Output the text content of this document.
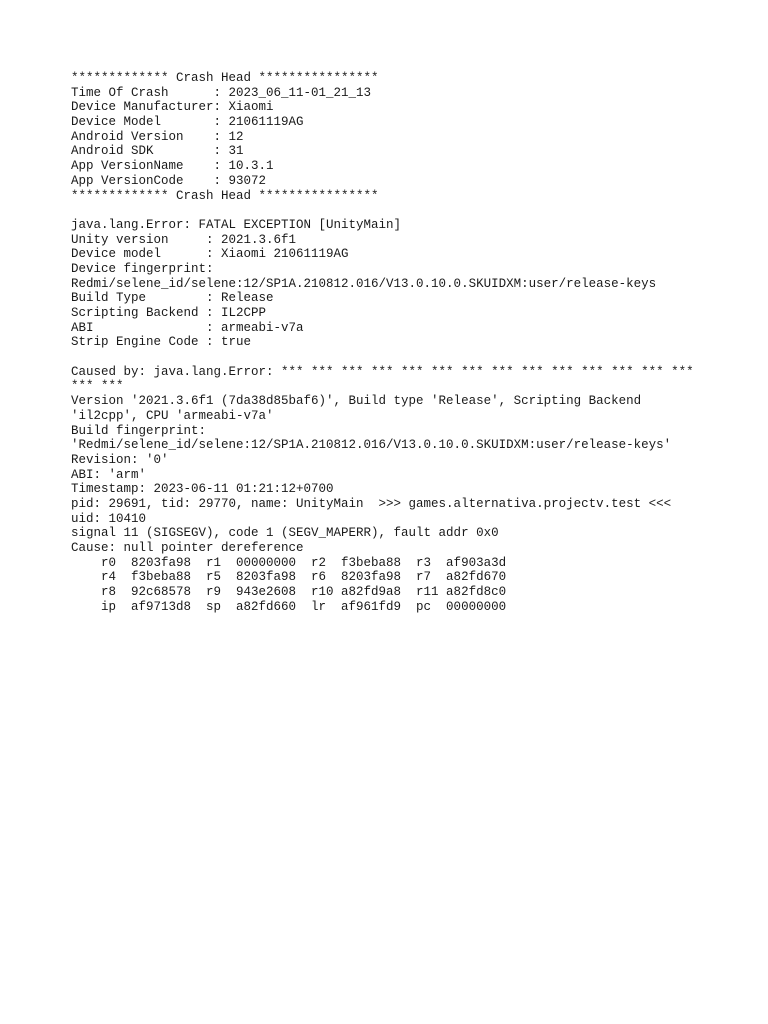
************* Crash Head ****************
Time Of Crash      : 2023_06_11-01_21_13
Device Manufacturer: Xiaomi
Device Model       : 21061119AG
Android Version    : 12
Android SDK        : 31
App VersionName    : 10.3.1
App VersionCode    : 93072
************* Crash Head ****************
java.lang.Error: FATAL EXCEPTION [UnityMain]
Unity version     : 2021.3.6f1
Device model      : Xiaomi 21061119AG
Device fingerprint:
Redmi/selene_id/selene:12/SP1A.210812.016/V13.0.10.0.SKUIDXM:user/release-keys
Build Type        : Release
Scripting Backend : IL2CPP
ABI               : armeabi-v7a
Strip Engine Code : true
Caused by: java.lang.Error: *** *** *** *** *** *** *** *** *** *** *** *** *** ***
*** ***
Version '2021.3.6f1 (7da38d85baf6)', Build type 'Release', Scripting Backend
'il2cpp', CPU 'armeabi-v7a'
Build fingerprint:
'Redmi/selene_id/selene:12/SP1A.210812.016/V13.0.10.0.SKUIDXM:user/release-keys'
Revision: '0'
ABI: 'arm'
Timestamp: 2023-06-11 01:21:12+0700
pid: 29691, tid: 29770, name: UnityMain  >>> games.alternativa.projectv.test <<<
uid: 10410
signal 11 (SIGSEGV), code 1 (SEGV_MAPERR), fault addr 0x0
Cause: null pointer dereference
r0  8203fa98  r1  00000000  r2  f3beba88  r3  af903a3d
r4  f3beba88  r5  8203fa98  r6  8203fa98  r7  a82fd670
r8  92c68578  r9  943e2608  r10 a82fd9a8  r11 a82fd8c0
ip  af9713d8  sp  a82fd660  lr  af961fd9  pc  00000000
